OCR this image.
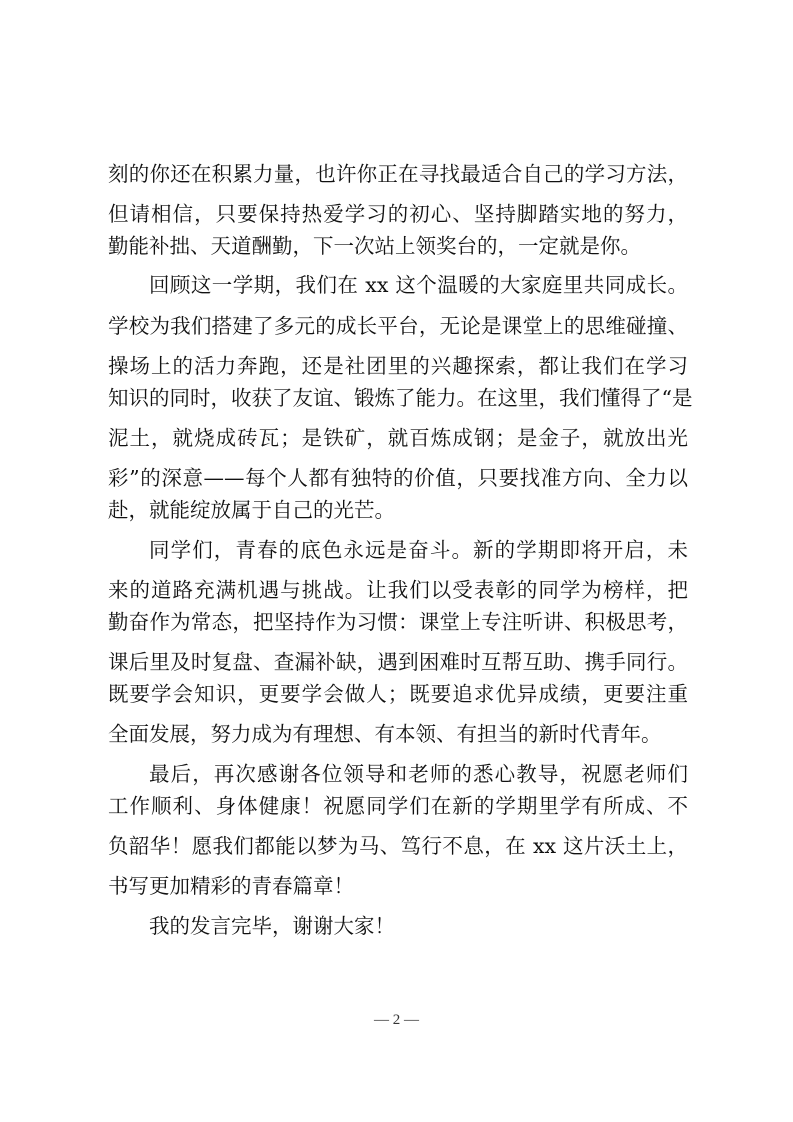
刻的你还在积累力量，也许你正在寻找最适合自己的学习方法，
但请相信，只要保持热爱学习的初心、坚持脚踏实地的努力，
勤能补拙、天道酬勤，下一次站上领奖台的，一定就是你。
回顾这一学期，我们在 xx 这个温暖的大家庭里共同成长。
学校为我们搭建了多元的成长平台，无论是课堂上的思维碰撞、
操场上的活力奔跑，还是社团里的兴趣探索，都让我们在学习
知识的同时，收获了友谊、锻炼了能力。在这里，我们懂得了“是
泥土，就烧成砖瓦；是铁矿，就百炼成钢；是金子，就放出光
彩”的深意——每个人都有独特的价值，只要找准方向、全力以
赴，就能绽放属于自己的光芒。
同学们，青春的底色永远是奋斗。新的学期即将开启，未
来的道路充满机遇与挑战。让我们以受表彰的同学为榜样，把
勤奋作为常态，把坚持作为习惯：课堂上专注听讲、积极思考，
课后里及时复盘、查漏补缺，遇到困难时互帮互助、携手同行。
既要学会知识，更要学会做人；既要追求优异成绩，更要注重
全面发展，努力成为有理想、有本领、有担当的新时代青年。
最后，再次感谢各位领导和老师的悉心教导，祝愿老师们
工作顺利、身体健康！祝愿同学们在新的学期里学有所成、不
负韶华！愿我们都能以梦为马、笃行不息，在 xx 这片沃土上，
书写更加精彩的青春篇章！
我的发言完毕，谢谢大家！
— 2 —
